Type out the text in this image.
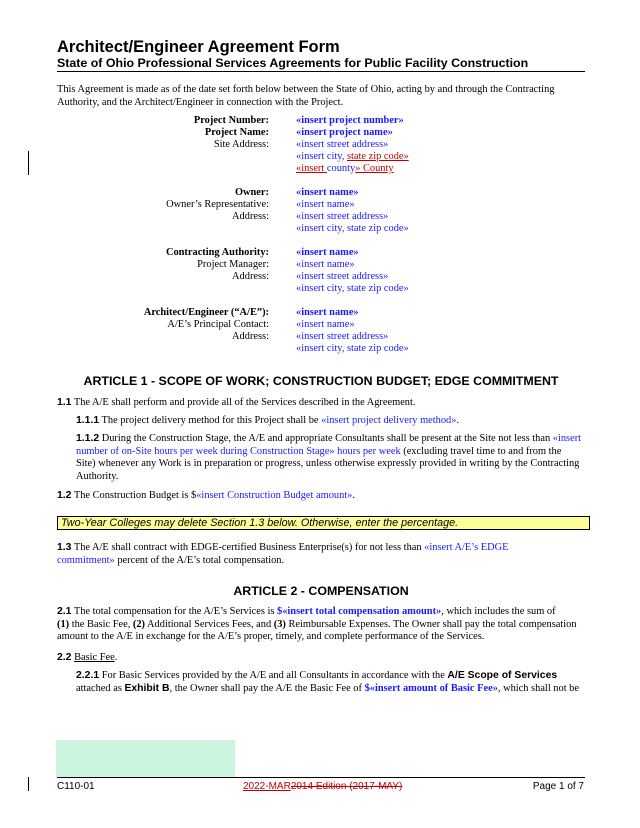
Architect/Engineer Agreement Form
State of Ohio Professional Services Agreements for Public Facility Construction
This Agreement is made as of the date set forth below between the State of Ohio, acting by and through the Contracting
Authority, and the Architect/Engineer in connection with the Project.
Project Number:	«insert project number»
Project Name:	«insert project name»
Site Address:	«insert street address»
«insert city, state zip code»
«insert county» County
Owner:	«insert name»
Owner’s Representative:	«insert name»
Address:	«insert street address»
«insert city, state zip code»
Contracting Authority:	«insert name»
Project Manager:	«insert name»
Address:	«insert street address»
«insert city, state zip code»
Architect/Engineer (“A/E”):	«insert name»
A/E’s Principal Contact:	«insert name»
Address:	«insert street address»
«insert city, state zip code»
ARTICLE 1 - SCOPE OF WORK; CONSTRUCTION BUDGET; EDGE COMMITMENT
1.1 The A/E shall perform and provide all of the Services described in the Agreement.
1.1.1 The project delivery method for this Project shall be «insert project delivery method».
1.1.2 During the Construction Stage, the A/E and appropriate Consultants shall be present at the Site not less than «insert
number of on-Site hours per week during Construction Stage» hours per week (excluding travel time to and from the
Site) whenever any Work is in preparation or progress, unless otherwise expressly provided in writing by the Contracting
Authority.
1.2 The Construction Budget is $«insert Construction Budget amount».
Two-Year Colleges may delete Section 1.3 below. Otherwise, enter the percentage.
1.3 The A/E shall contract with EDGE-certified Business Enterprise(s) for not less than «insert A/E’s EDGE
commitment» percent of the A/E’s total compensation.
ARTICLE 2 - COMPENSATION
2.1 The total compensation for the A/E’s Services is $«insert total compensation amount», which includes the sum of
(1) the Basic Fee, (2) Additional Services Fees, and (3) Reimbursable Expenses. The Owner shall pay the total compensation
amount to the A/E in exchange for the A/E’s proper, timely, and complete performance of the Services.
2.2 Basic Fee.
2.2.1 For Basic Services provided by the A/E and all Consultants in accordance with the A/E Scope of Services
attached as Exhibit B, the Owner shall pay the A/E the Basic Fee of $«insert amount of Basic Fee», which shall not be
C110-01	2022-MAR2014 Edition (2017-MAY)	Page 1 of 7
